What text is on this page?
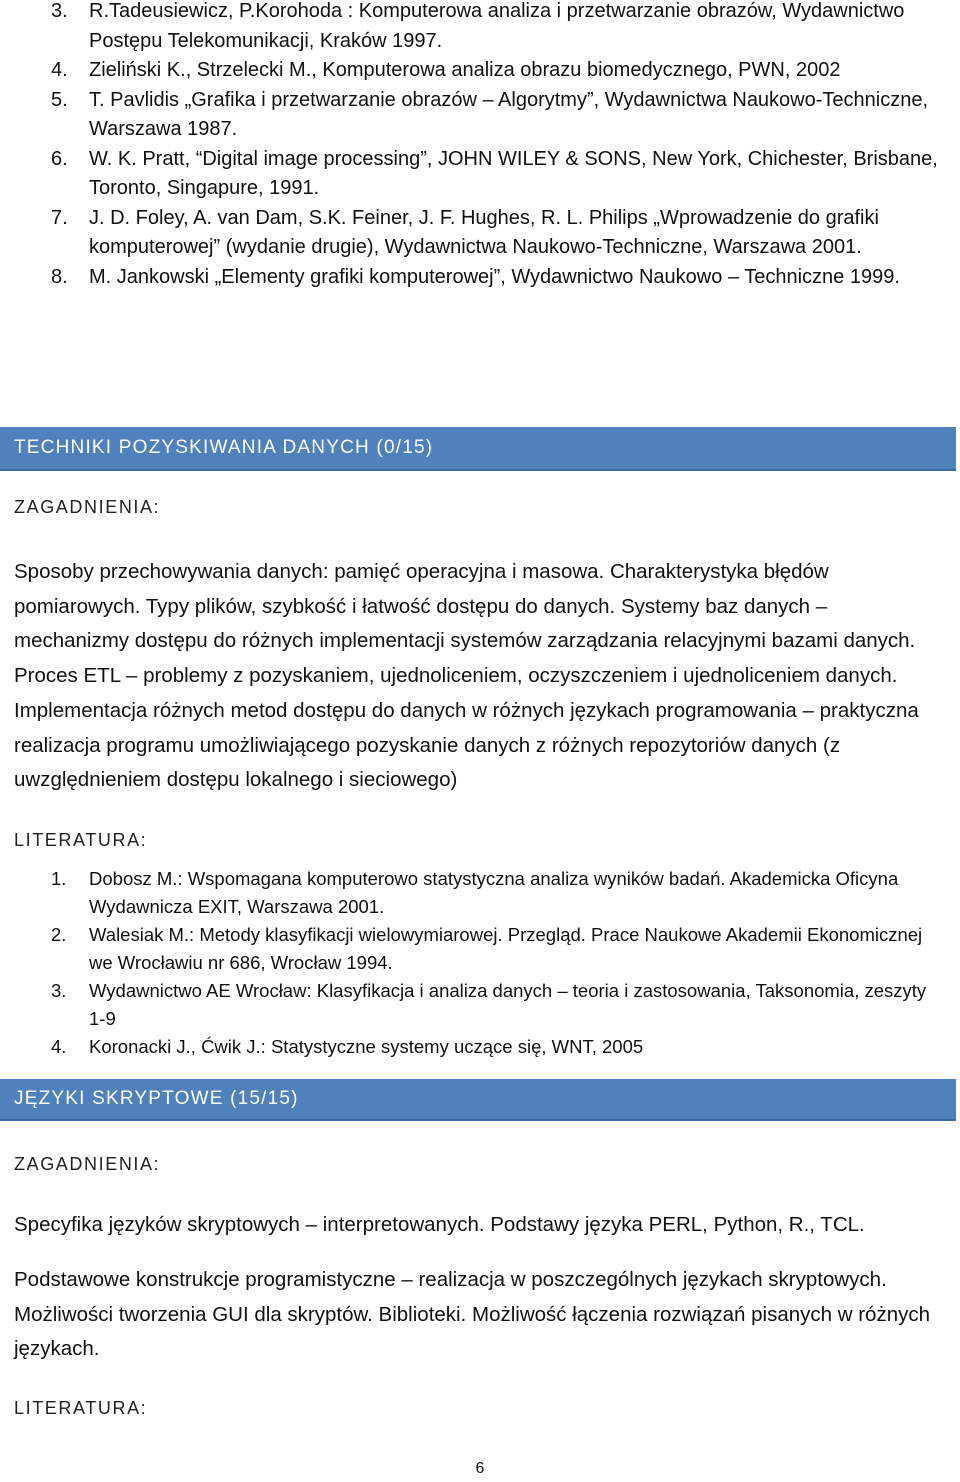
3. R.Tadeusiewicz, P.Korohoda : Komputerowa analiza i przetwarzanie obrazów, Wydawnictwo Postępu Telekomunikacji, Kraków 1997.
4. Zieliński K., Strzelecki M., Komputerowa analiza obrazu biomedycznego, PWN, 2002
5. T. Pavlidis „Grafika i przetwarzanie obrazów – Algorytmy”, Wydawnictwa Naukowo-Techniczne, Warszawa 1987.
6. W. K. Pratt, “Digital image processing”, JOHN WILEY & SONS, New York, Chichester, Brisbane, Toronto, Singapure, 1991.
7. J. D. Foley, A. van Dam, S.K. Feiner, J. F. Hughes, R. L. Philips „Wprowadzenie do grafiki komputerowej” (wydanie drugie), Wydawnictwa Naukowo-Techniczne, Warszawa 2001.
8. M. Jankowski „Elementy grafiki komputerowej”, Wydawnictwo Naukowo – Techniczne 1999.
TECHNIKI POZYSKIWANIA DANYCH (0/15)
ZAGADNIENIA:
Sposoby przechowywania danych: pamięć operacyjna i masowa. Charakterystyka błędów pomiarowych. Typy plików, szybkość i łatwość dostępu do danych. Systemy baz danych – mechanizmy dostępu do różnych implementacji systemów zarządzania relacyjnymi bazami danych. Proces ETL – problemy z pozyskaniem, ujednoliceniem, oczyszczeniem i ujednoliceniem danych. Implementacja różnych metod dostępu do danych w różnych językach programowania – praktyczna realizacja programu umożliwiającego pozyskanie danych z różnych repozytoriów danych (z uwzględnieniem dostępu lokalnego i sieciowego)
LITERATURA:
1. Dobosz M.: Wspomagana komputerowo statystyczna analiza wyników badań. Akademicka Oficyna Wydawnicza EXIT, Warszawa 2001.
2. Walesiak M.: Metody klasyfikacji wielowymiarowej. Przegląd. Prace Naukowe Akademii Ekonomicznej we Wrocławiu nr 686, Wrocław 1994.
3. Wydawnictwo AE Wrocław: Klasyfikacja i analiza danych – teoria i zastosowania, Taksonomia, zeszyty 1-9
4. Koronacki J., Ćwik J.: Statystyczne systemy uczące się, WNT, 2005
JĘZYKI SKRYPTOWE (15/15)
ZAGADNIENIA:
Specyfika języków skryptowych – interpretowanych. Podstawy języka PERL, Python, R., TCL.
Podstawowe konstrukcje programistyczne – realizacja w poszczególnych językach skryptowych. Możliwości tworzenia GUI dla skryptów. Biblioteki. Możliwość łączenia rozwiązań pisanych w różnych językach.
LITERATURA:
6
